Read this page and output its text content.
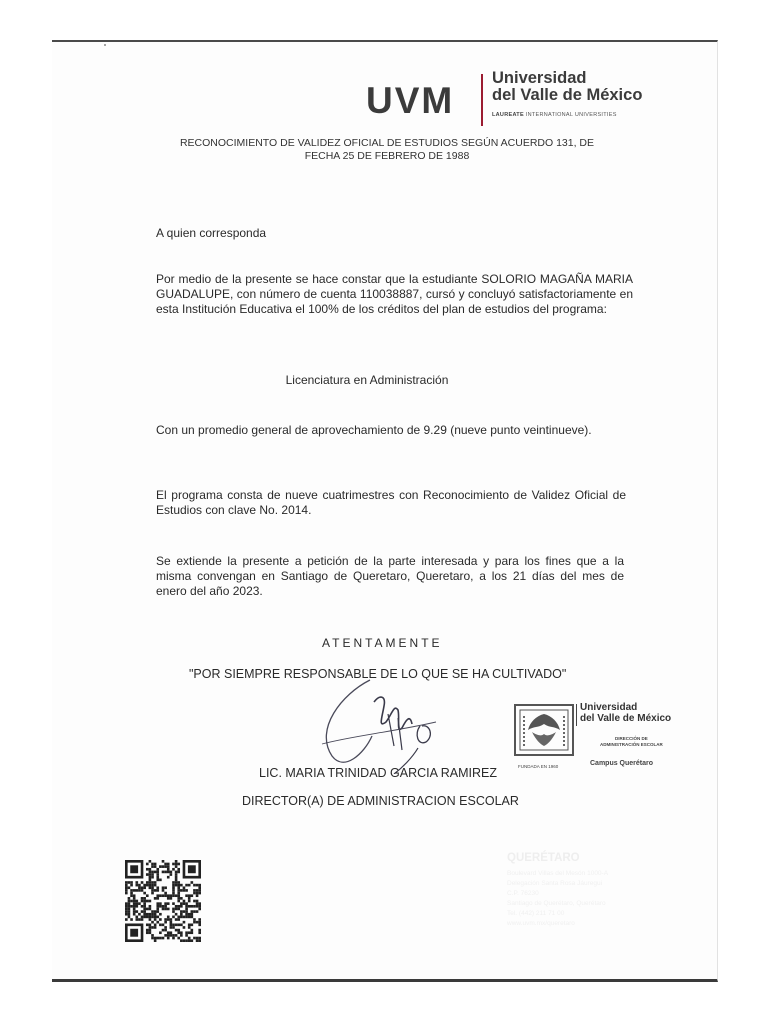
UVM
Universidad
del Valle de México
LAUREATE INTERNATIONAL UNIVERSITIES
RECONOCIMIENTO DE VALIDEZ OFICIAL DE ESTUDIOS SEGÚN ACUERDO 131, DE
FECHA 25 DE FEBRERO DE 1988
A quien corresponda
Por medio de la presente se hace constar que la estudiante SOLORIO MAGAÑA MARIA GUADALUPE, con número de cuenta 110038887, cursó y concluyó satisfactoriamente en esta Institución Educativa el 100% de los créditos del plan de estudios del programa:
Licenciatura en Administración
Con un promedio general de aprovechamiento de 9.29 (nueve punto veintinueve).
El programa consta de nueve cuatrimestres con Reconocimiento de Validez Oficial de Estudios con clave No. 2014.
Se extiende la presente a petición de la parte interesada y para los fines que a la misma convengan en Santiago de Queretaro, Queretaro, a los 21 días del mes de enero del año 2023.
ATENTAMENTE
"POR SIEMPRE RESPONSABLE DE LO QUE SE HA CULTIVADO"
LIC. MARIA TRINIDAD GARCIA RAMIREZ
DIRECTOR(A) DE ADMINISTRACION ESCOLAR
FUNDADA EN 1960
Universidad
del Valle de México
DIRECCIÓN DE
ADMINISTRACIÓN ESCOLAR
Campus Querétaro
QUERÉTARO
Boulevard Villas del Mesón 1000-A
Delegación Santa Rosa Jáuregui
C.P. 76230
Santiago de Querétaro, Querétaro
Tel. (442) 211 71 00
www.uvm.mx/queretaro
